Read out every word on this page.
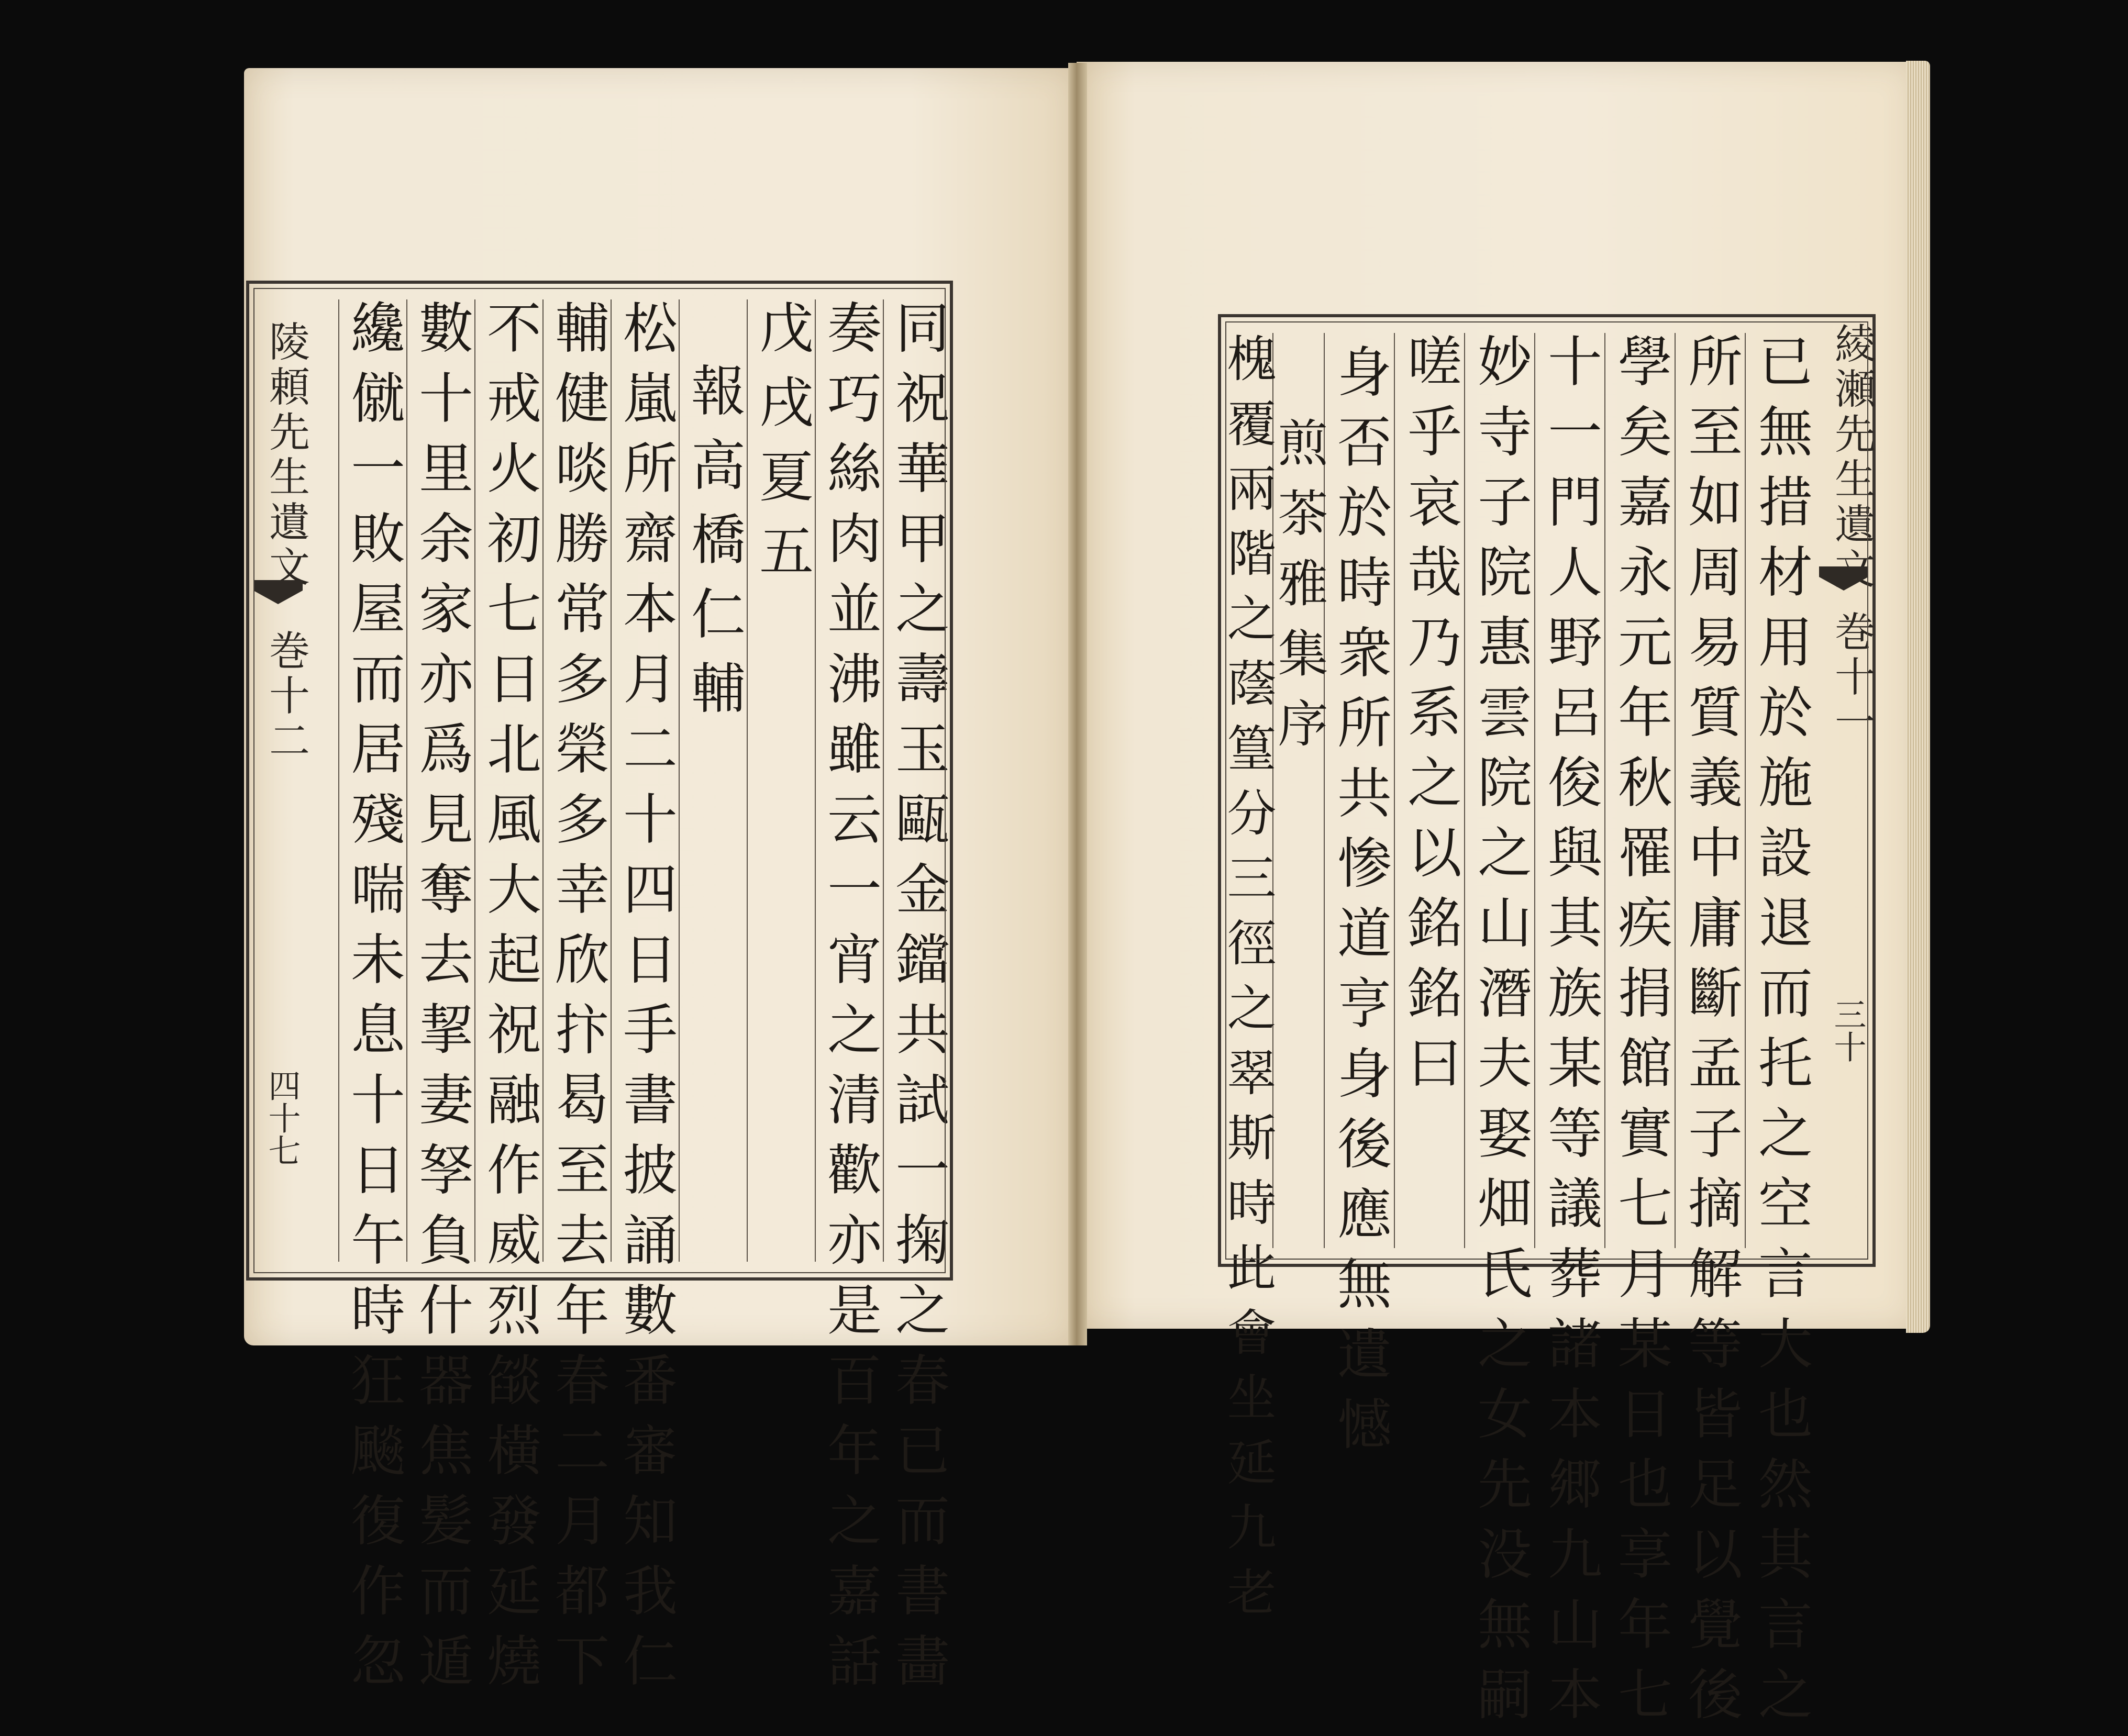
陵頼先生遺文
巻十二
四十七	同祝華甲之壽玉甌金鐺共試一掬之春已而書畵
奏巧絲肉並沸雖云一宵之清歡亦是百年之嘉話
戊戌夏五
報高橋仁輔
松嵐所齋本月二十四日手書披誦數番審知我仁
輔健啖勝常多榮多幸欣抃曷至去年春二月都下
不戒火初七日北風大起祝融作威烈燄橫發延燒
數十里余家亦爲見奪去挈妻孥負什器焦髪而遁
纔僦一敗屋而居殘喘未息十日午時狂飈復作忽	已無措材用於施設退而托之空言大也然其言之
所至如周易質義中庸斷孟子摘解等皆足以覺後
學矣嘉永元年秋罹疾捐館實七月某日也享年七
十一門人野呂俊與其族某等議葬諸本郷九山本
妙寺子院惠雲院之山潛夫娶畑氏之女先没無嗣
嗟乎哀哉乃系之以銘銘曰
身否於時衆所共惨道亨身後應無遺憾
煎茶雅集序
槐覆兩階之蔭篁分三徑之翠斯時此會坐延九老	綾瀬先生遺文
巻十一
三十
